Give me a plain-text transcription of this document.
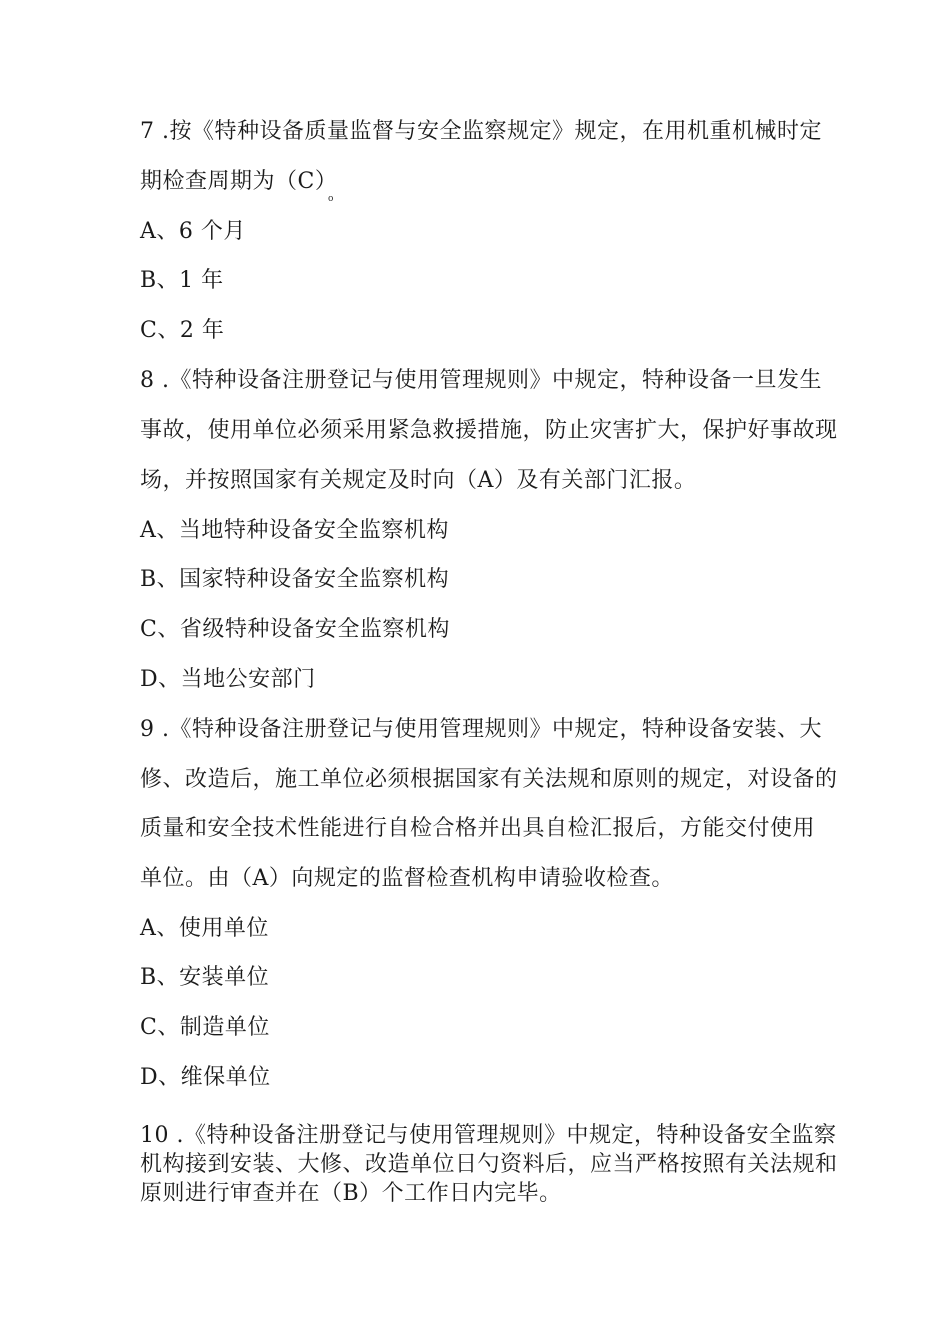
7 .按《特种设备质量监督与安全监察规定》规定，在用机重机械时定
期检查周期为（C）
o
A、6 个月
B、1 年
C、2 年
8 .《特种设备注册登记与使用管理规则》中规定，特种设备一旦发生
事故，使用单位必须采用紧急救援措施，防止灾害扩大，保护好事故现
场，并按照国家有关规定及时向（A）及有关部门汇报。
A、当地特种设备安全监察机构
B、国家特种设备安全监察机构
C、省级特种设备安全监察机构
D、当地公安部门
9 .《特种设备注册登记与使用管理规则》中规定，特种设备安装、大
修、改造后，施工单位必须根据国家有关法规和原则的规定，对设备的
质量和安全技术性能进行自检合格并出具自检汇报后，方能交付使用
单位。由（A）向规定的监督检查机构申请验收检查。
A、使用单位
B、安装单位
C、制造单位
D、维保单位
10 .《特种设备注册登记与使用管理规则》中规定，特种设备安全监察
机构接到安装、大修、改造单位日勺资料后，应当严格按照有关法规和
原则进行审查并在（B）个工作日内完毕。
